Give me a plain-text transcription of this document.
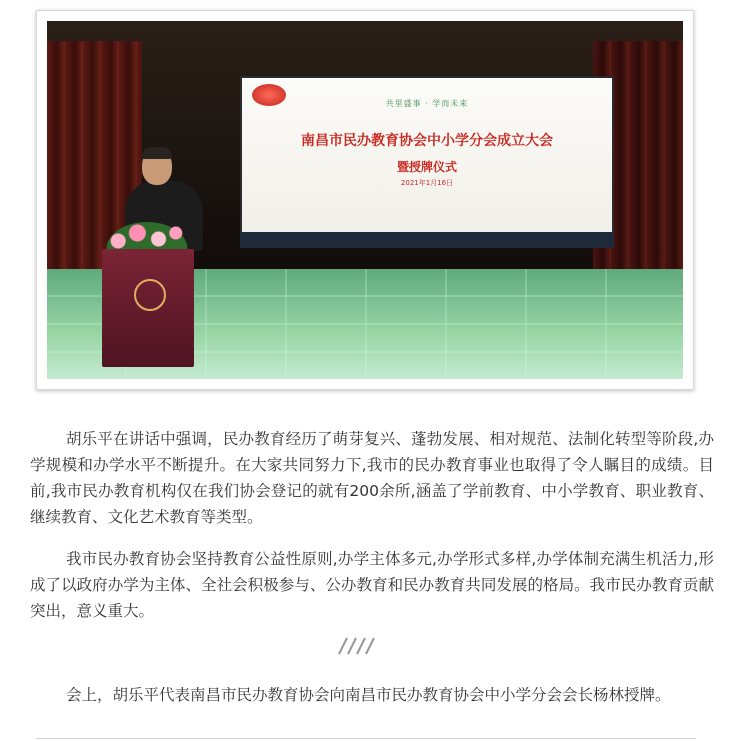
共里盛事 · 学而未来
南昌市民办教育协会中小学分会成立大会
暨授牌仪式
2021年1月16日

胡乐平在讲话中强调，民办教育经历了萌芽复兴、蓬勃发展、相对规范、法制化转型等阶段,办学规模和办学水平不断提升。在大家共同努力下,我市的民办教育事业也取得了令人瞩目的成绩。目前,我市民办教育机构仅在我们协会登记的就有200余所,涵盖了学前教育、中小学教育、职业教育、继续教育、文化艺术教育等类型。

我市民办教育协会坚持教育公益性原则,办学主体多元,办学形式多样,办学体制充满生机活力,形成了以政府办学为主体、全社会积极参与、公办教育和民办教育共同发展的格局。我市民办教育贡献突出，意义重大。

会上，胡乐平代表南昌市民办教育协会向南昌市民办教育协会中小学分会会长杨林授牌。
